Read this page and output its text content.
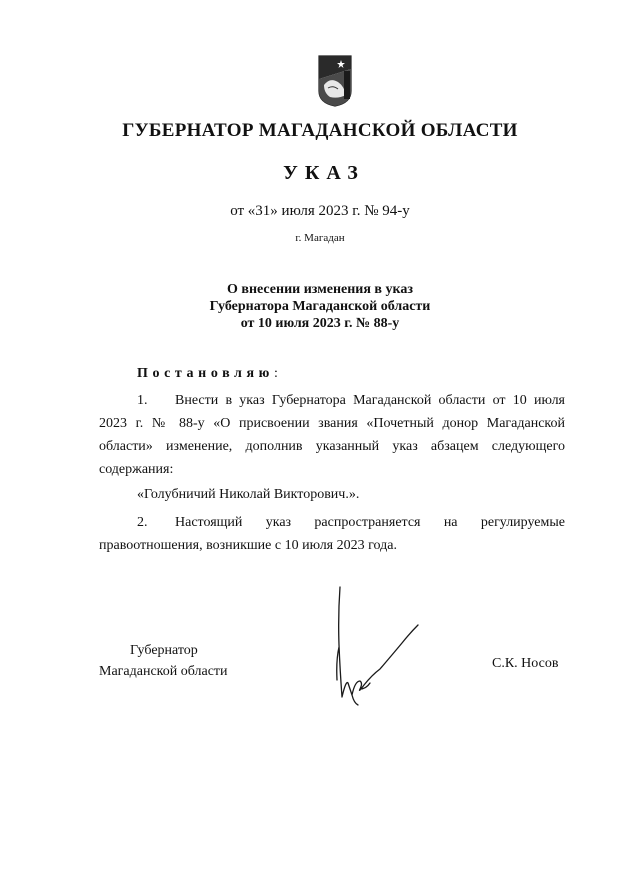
ГУБЕРНАТОР МАГАДАНСКОЙ ОБЛАСТИ
УКАЗ
от «31» июля 2023 г. № 94-у
г. Магадан
О внесении изменения в указ
Губернатора Магаданской области
от 10 июля 2023 г. № 88-у
Постановляю:
1. Внести в указ Губернатора Магаданской области от 10 июля 2023 г. № 88-у «О присвоении звания «Почетный донор Магаданской области» изменение, дополнив указанный указ абзацем следующего содержания:
«Голубничий Николай Викторович.».
2. Настоящий указ распространяется на регулируемые правоотношения, возникшие с 10 июля 2023 года.
Губернатор
Магаданской области
С.К. Носов
